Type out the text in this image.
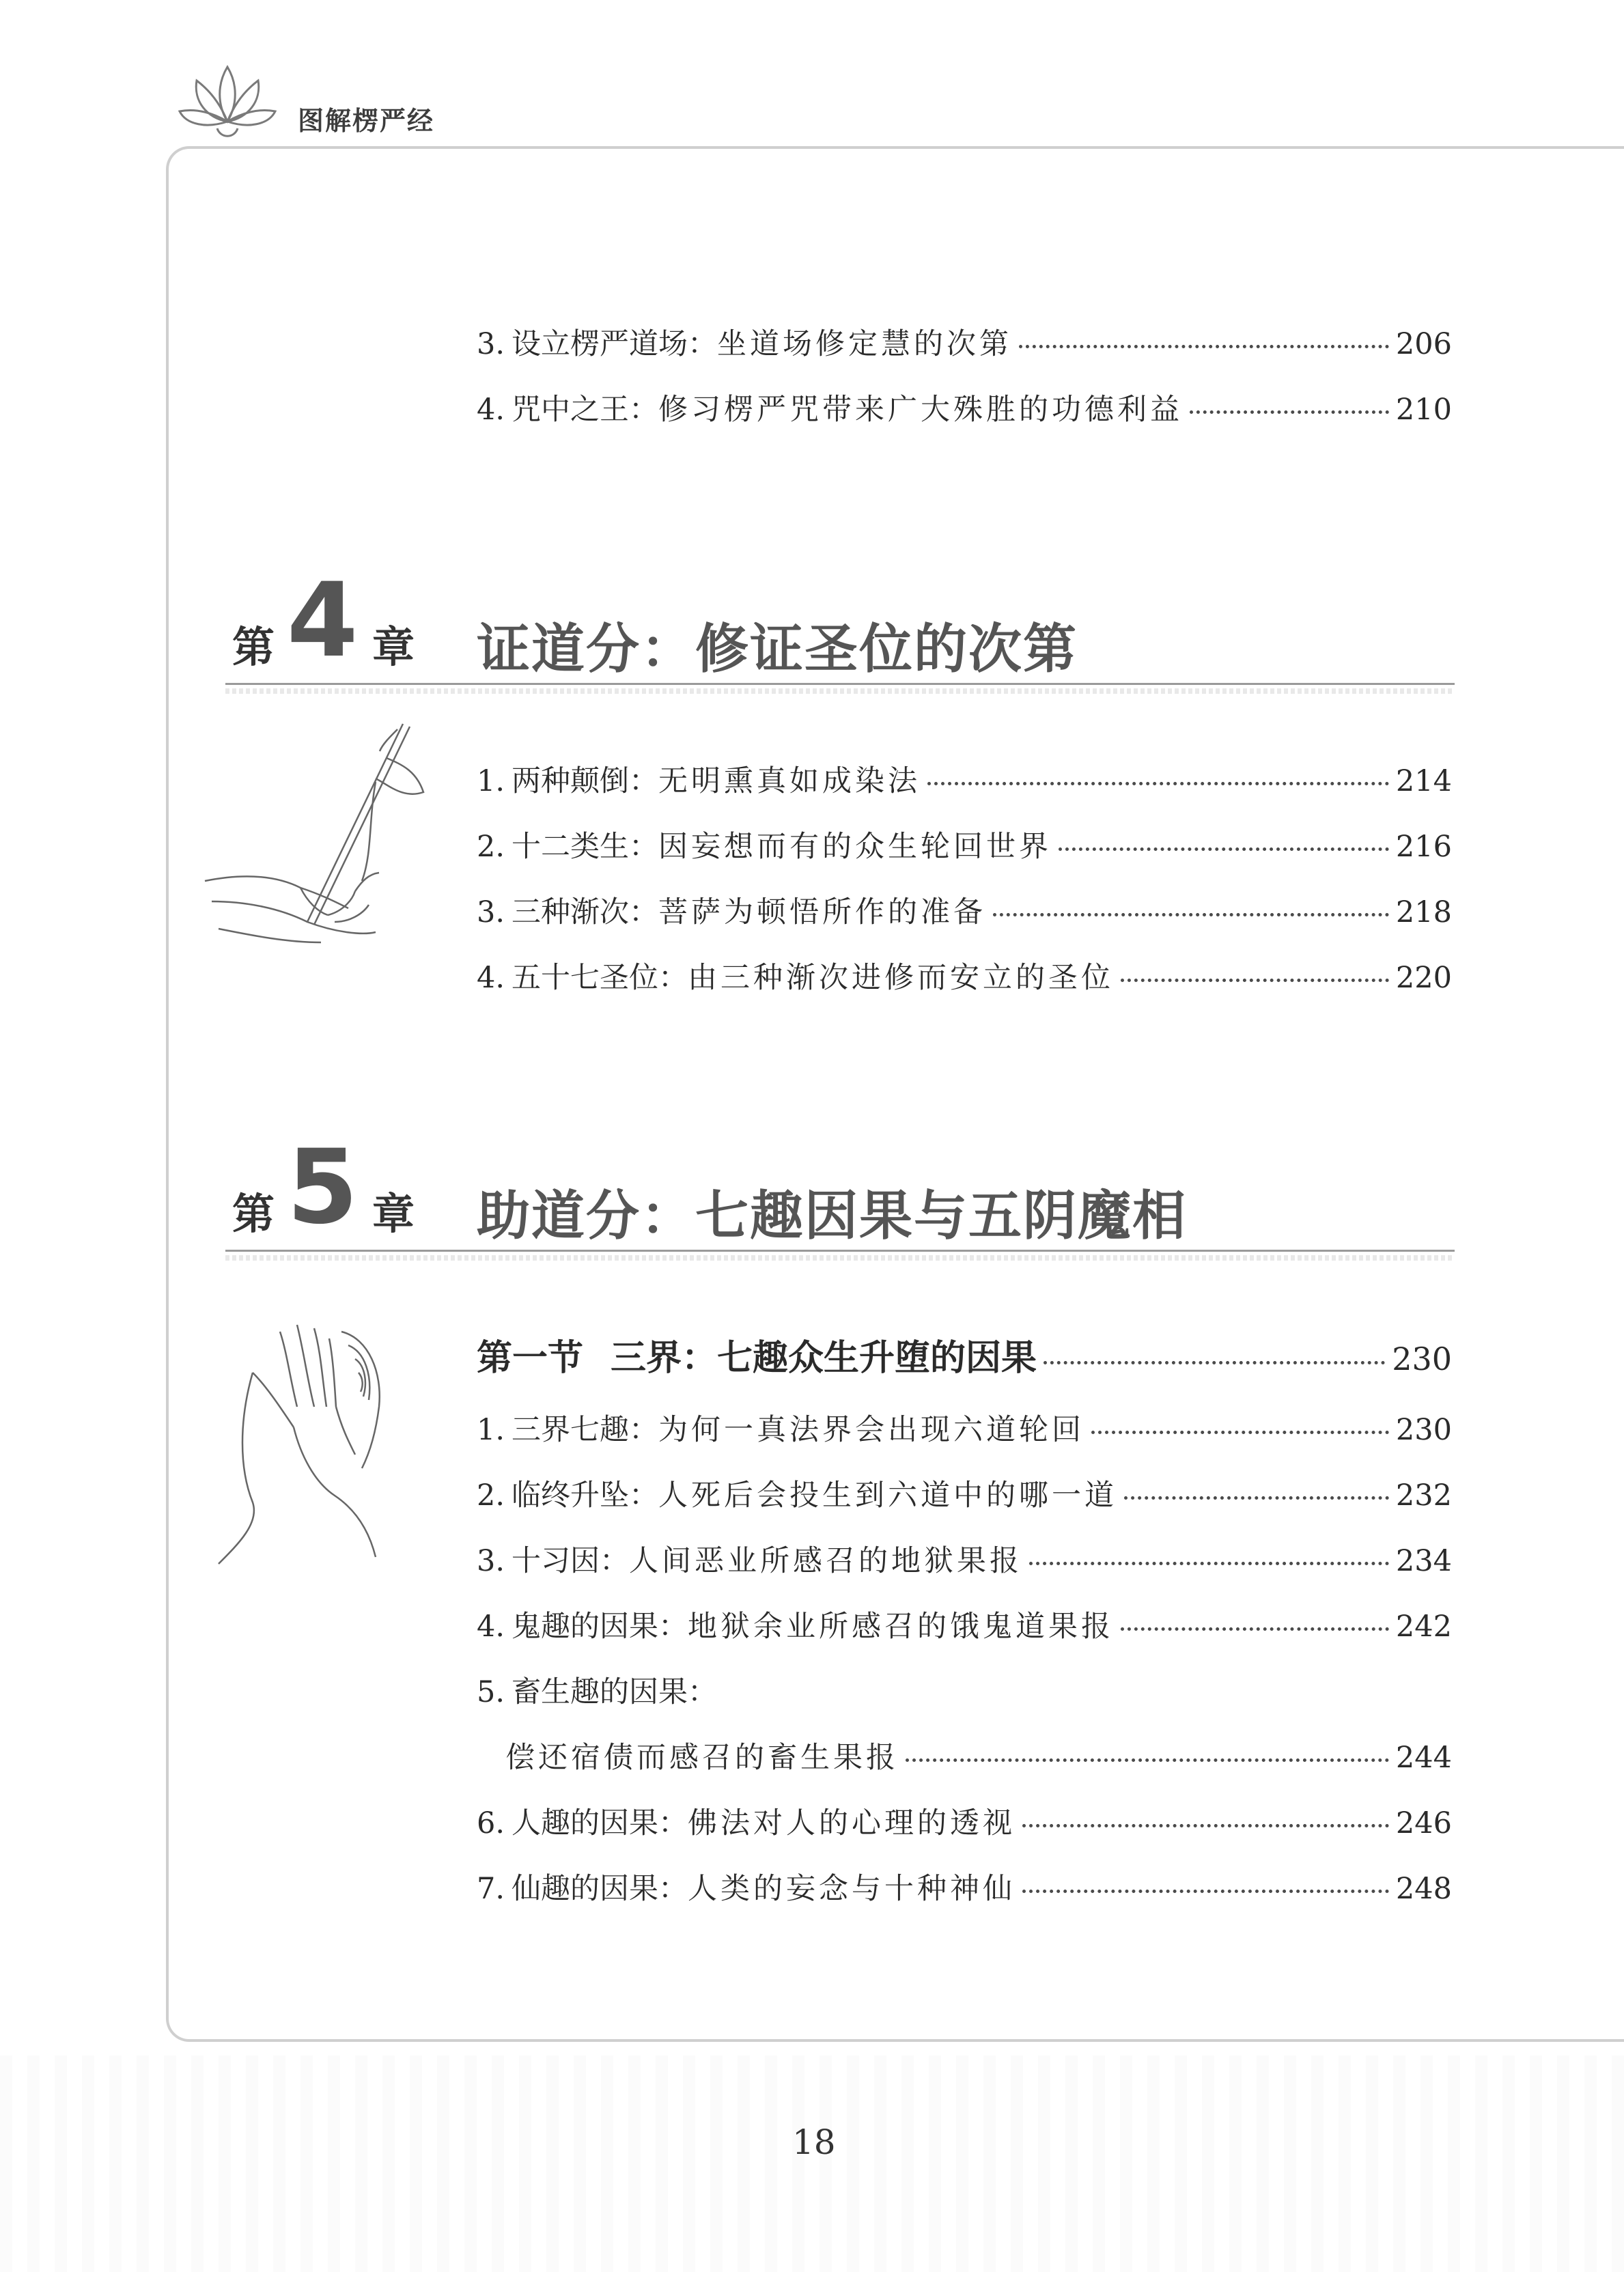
图解楞严经
3. 设立楞严道场： 坐道场修定慧的次第	206
4. 咒中之王： 修习楞严咒带来广大殊胜的功德利益	210
第 4 章 证道分：修证圣位的次第
1. 两种颠倒： 无明熏真如成染法	214
2. 十二类生： 因妄想而有的众生轮回世界	216
3. 三种渐次： 菩萨为顿悟所作的准备	218
4. 五十七圣位： 由三种渐次进修而安立的圣位	220
第 5 章 助道分：七趣因果与五阴魔相
第一节 三界：七趣众生升堕的因果	230
1. 三界七趣： 为何一真法界会出现六道轮回	230
2. 临终升坠： 人死后会投生到六道中的哪一道	232
3. 十习因： 人间恶业所感召的地狱果报	234
4. 鬼趣的因果： 地狱余业所感召的饿鬼道果报	242
5. 畜生趣的因果：
偿还宿债而感召的畜生果报	244
6. 人趣的因果： 佛法对人的心理的透视	246
7. 仙趣的因果： 人类的妄念与十种神仙	248
18
